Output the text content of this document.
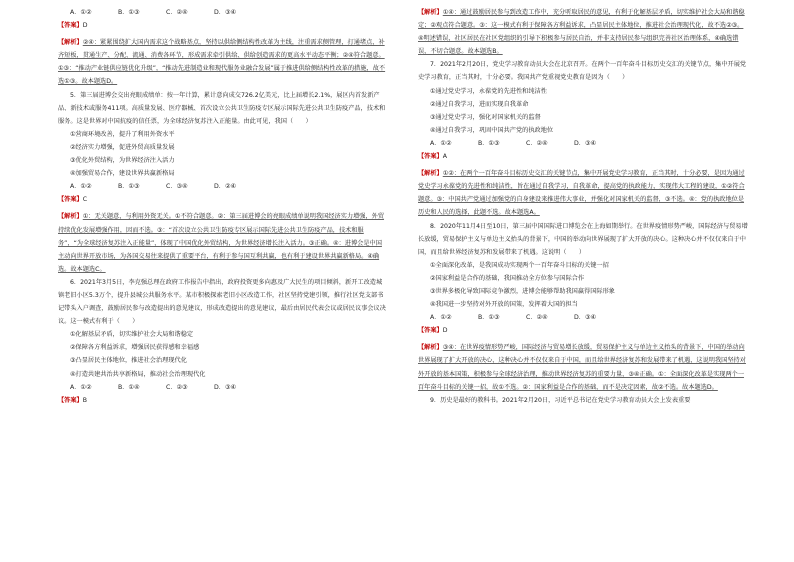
A．①②	B．①③	C．②④	D．③④

【答案】D

【解析】②④：紧紧围绕扩大国内需求这个战略基点，坚持以供给侧结构性改革为主线，注重需求侧管理，打通堵点，补齐短板，贯通生产、分配、流通、消费各环节，形成需求牵引供给、供给创造需求的更高水平动态平衡；②④符合题意。①③：“推动产业链供应链优化升级”，“推动先进制造业和现代服务业融合发展”属于推进供给侧结构性改革的措施，故不选①③。故本题选D。

5．第三届进博会交出亮眼成绩单：按一年计算，累计意向成交726.2亿美元，比上届增长2.1%，展区内首发新产品、新技术或服务411项。高质量发展、医疗器械、首次设立公共卫生防疫专区展示国际先进公共卫生防疫产品，技术和服务。这是世界对中国抗疫的信任票，为全球经济复苏注入正能量。由此可见，我国（　　）

①营商环境改善，提升了利用外资水平

②经济实力增强，促进外贸高质量发展

③优化外贸结构，为世界经济注入活力

④加强贸易合作，建设世界共赢新格局

A．①②	B．①③	C．③④	D．②④

【答案】C

【解析】①：无关题意，与利用外资无关。①不符合题意。②：第三届进博会的亮眼成绩单说明我国经济实力增强，外贸持续优化发展增强作用，因而不选。③：“首次设立公共卫生防疫专区展示国际先进公共卫生防疫产品，技术和服务”，“为全球经济复苏注入正能量”，体现了中国优化外贸结构，为世界经济增长注入活力。③正确。④：进博会是中国主动向世界开放市场，为各国交易往来提供了重要平台，有利于参与国互利共赢，也有利于建设世界共赢新格局。④确选。故本题选C。

6．2021年3月5日，李克强总理在政府工作报告中指出，政府投资更多向惠及广大民生的项目倾斜，新开工改造城镇老旧小区5.3万个，提升县城公共服务水平。某市积极探索老旧小区改造工作，社区坚持党建引领，推行社区党支部书记带头入户调查，鼓励居民参与改造提出的意见建议，形成改造提出的意见建议，最后由居民代表会议或居民议事会议决议。这一模式有利于（　　）

①化解基层矛盾，切实维护社会大局和谐稳定

②保障各方利益诉求，增强居民获得感和幸福感

③凸显居民主体地位，推进社会治理现代化

④打造共建共治共享新格局，推动社会治理现代化

A．①②	B．①④	C．②③	D．③④

【答案】B

【解析】①④：通过鼓励居民参与到改造工作中，充分听取居民的意见，有利于化解基层矛盾，切实维护社会大局和谐稳定；②观点符合题意。③：这一模式有利于保障各方利益诉求，凸显居民主体地位，推进社会治理现代化，故不选②③。④明述错误，社区居民在社区党组织的引导下积极参与居民自治，并非支持居民参与组织完善社区治理体系，④确选错误，不切合题意。故本题选B。

7．2021年2月20日，党史学习教育动员大会在北京召开。在两个一百年奋斗目标历史交汇的关键节点，集中开展党史学习教育，正当其时，十分必要。我国共产党重视党史教育是因为（　　）

①通过党史学习，永葆党的先进性和纯洁性

②通过自我学习，进而实现自我革命

③通过党史学习，强化对国家机关的监督

④通过自我学习，巩固中国共产党的执政地位

A．①②	B．①③	C．②④	D．③④

【答案】A

【解析】①②：在两个一百年奋斗目标历史交汇的关键节点，集中开展党史学习教育，正当其时，十分必要，是因为通过党史学习永葆党的先进性和纯洁性，旨在通过自我学习，自我革命，提高党的执政能力，实现伟大工程的建设，①②符合题意。③：中国共产党通过加强党的自身建设来推进伟大事业，并强化对国家机关的监督，③不选。④：党的执政地位是历史和人民的选择，此题不选。故本题选A。

8．2020年11月4日至10日，第三届中国国际进口博览会在上海如期举行。在世界疫情形势严峻，国际经济与贸易增长放缓，贸易保护主义与单边主义抬头的背景下，中国的举动向世界展现了扩大开放的决心。这种决心并不仅仅来自于中国，而且给世界经济复苏和发展带来了机遇。这说明（　　）

①全面深化改革，是我国成功实现两个一百年奋斗目标的关键一招

②国家利益是合作的基础，我国推动全方位参与国际合作

③世界多极化导致国际竞争激烈，进博会能够帮助我国赢得国际形象

④我国进一步坚持对外开放的国策，发挥着大国的担当

A．①②	B．①③	C．②④	D．③④

【答案】D

【解析】③④：在世界疫情形势严峻，国际经济与贸易增长放缓，贸易保护主义与单边主义抬头的背景下，中国的举动向世界展现了扩大开放的决心，这种决心并不仅仅来自于中国，而且给世界经济复苏和发展带来了机遇，这说明我国坚持对外开放的基本国策，积极参与全球经济治理，推动世界经济复苏的重要力量，③④正确。①：全面深化改革是实现两个一百年奋斗目标的关键一招，故①不选。②：国家利益是合作的基础，而不是决定因素，故②不选。故本题选D。

9．历史是最好的教科书。2021年2月20日，习近平总书记在党史学习教育动员大会上发表重要
